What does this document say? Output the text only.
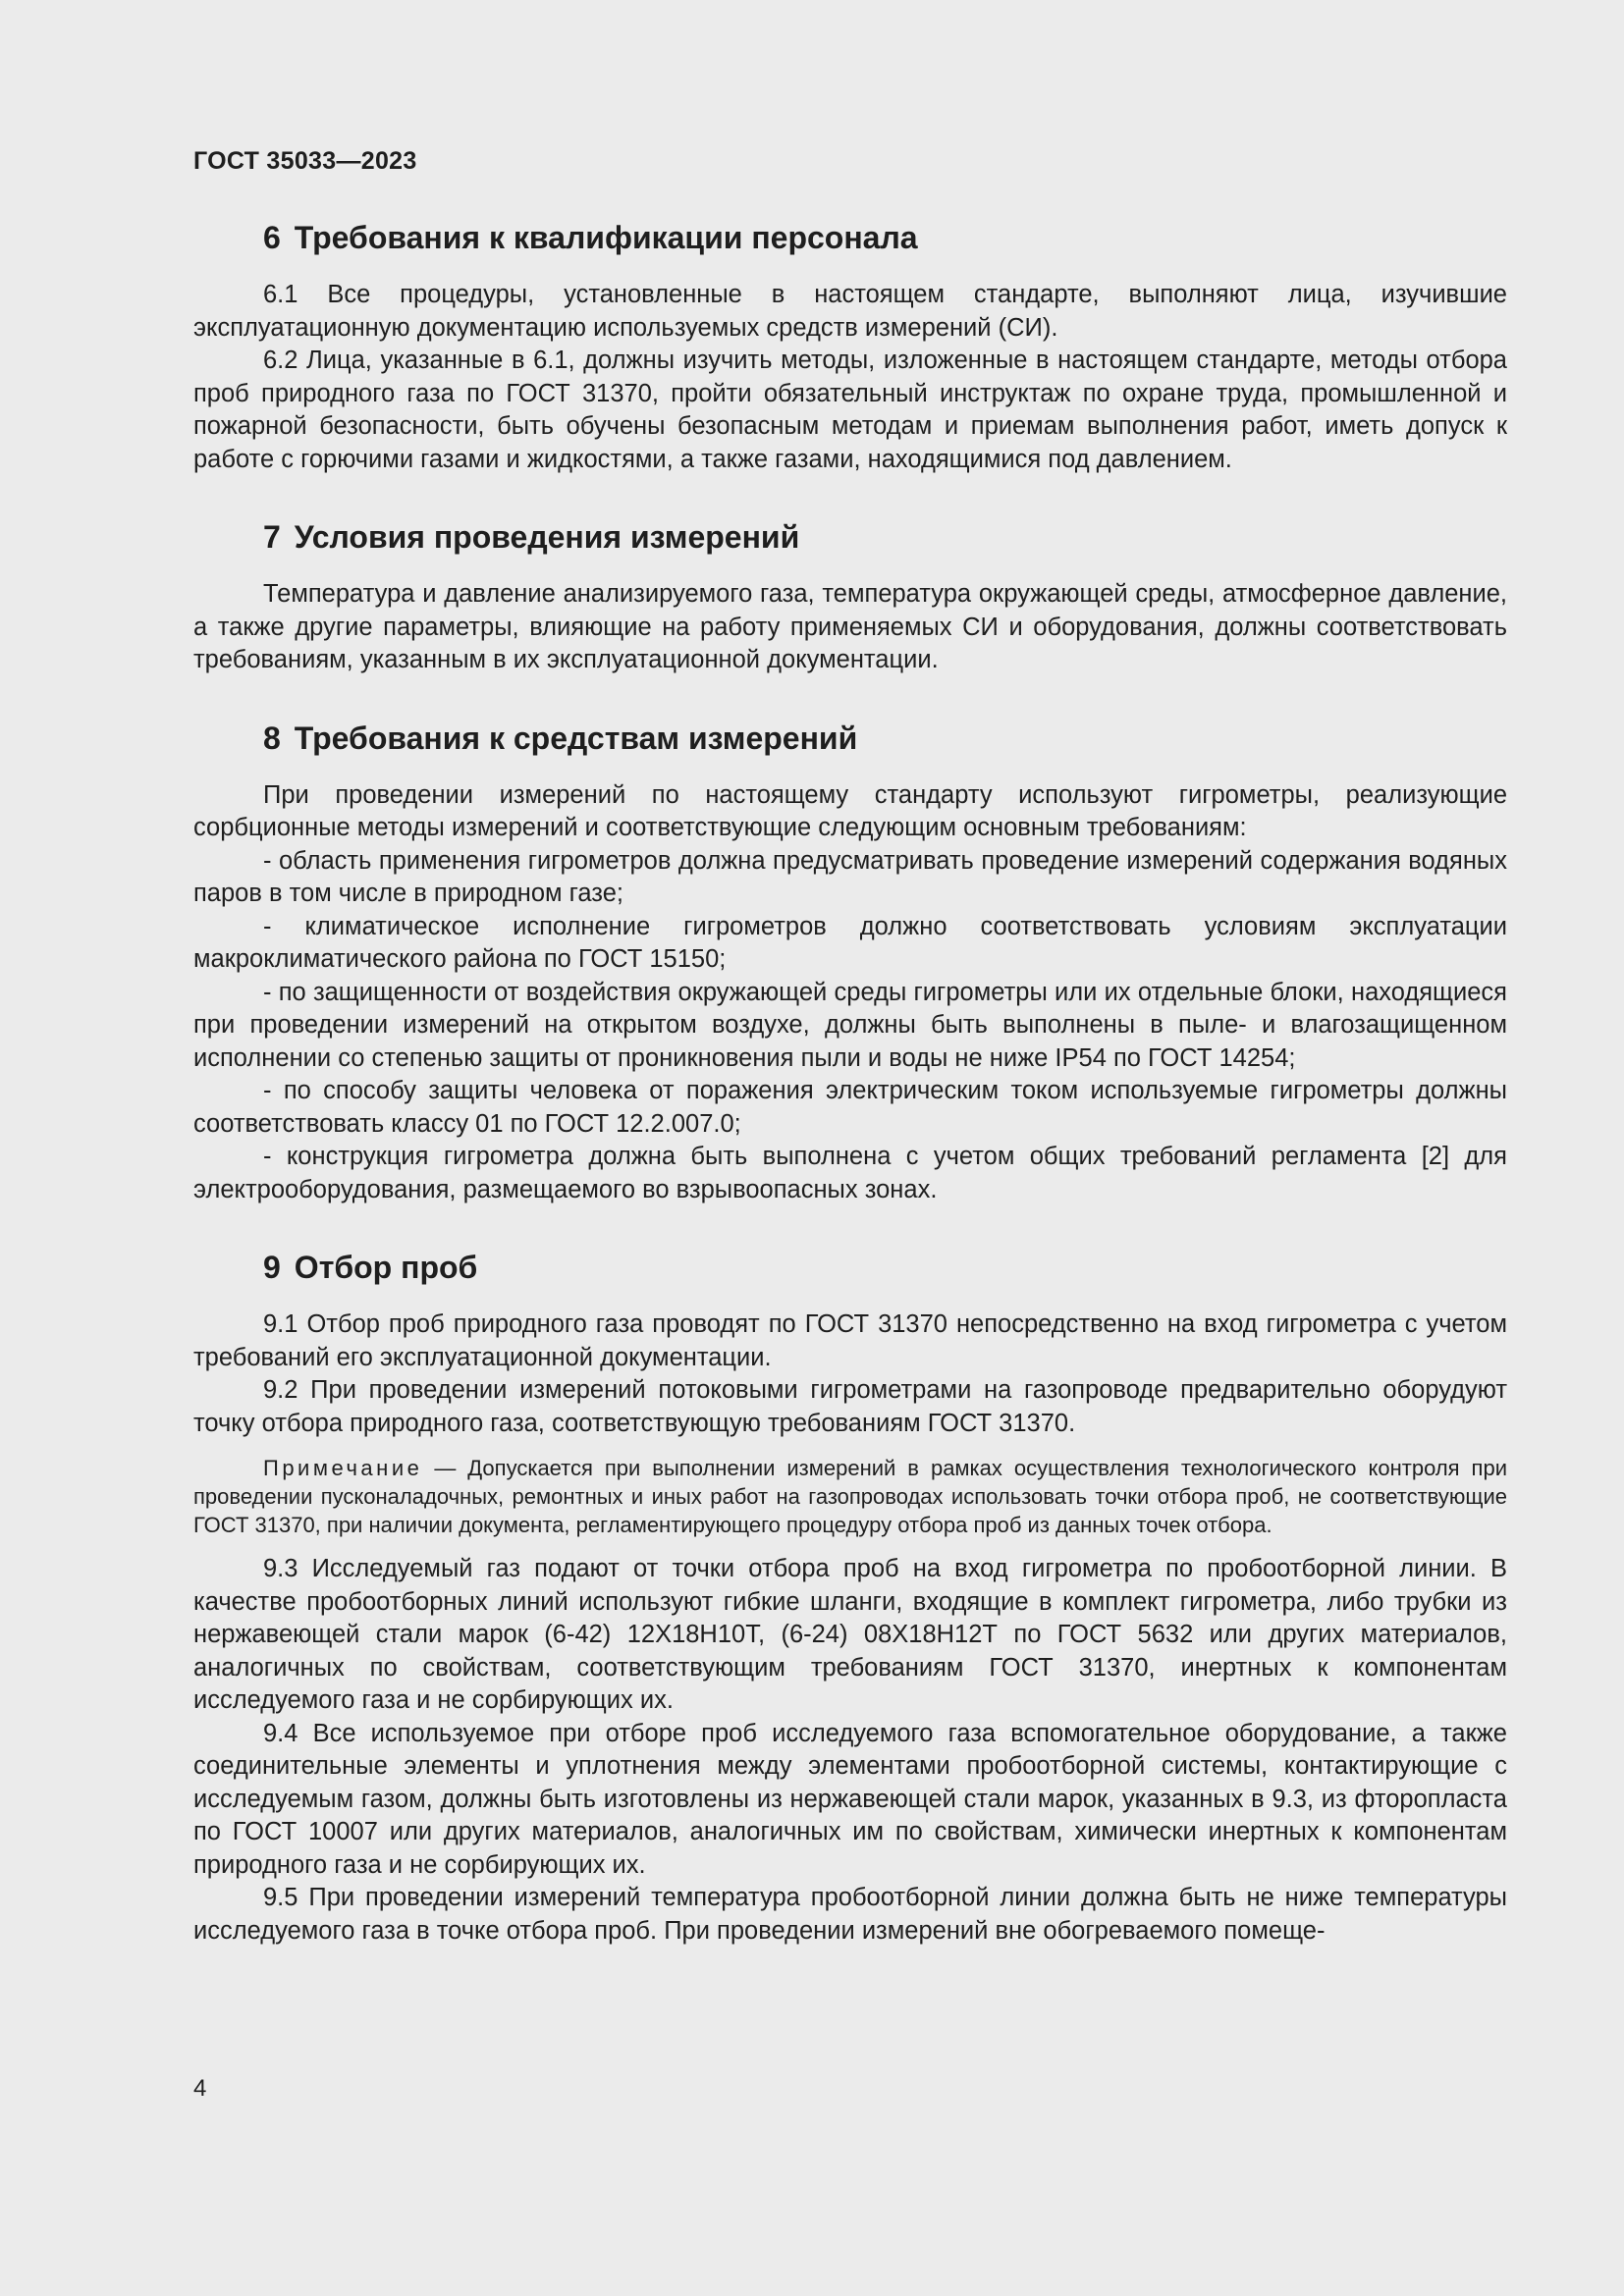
ГОСТ 35033—2023
6 Требования к квалификации персонала

6.1 Все процедуры, установленные в настоящем стандарте, выполняют лица, изучившие эксплуатационную документацию используемых средств измерений (СИ).

6.2 Лица, указанные в 6.1, должны изучить методы, изложенные в настоящем стандарте, методы отбора проб природного газа по ГОСТ 31370, пройти обязательный инструктаж по охране труда, промышленной и пожарной безопасности, быть обучены безопасным методам и приемам выполнения работ, иметь допуск к работе с горючими газами и жидкостями, а также газами, находящимися под давлением.

7 Условия проведения измерений

Температура и давление анализируемого газа, температура окружающей среды, атмосферное давление, а также другие параметры, влияющие на работу применяемых СИ и оборудования, должны соответствовать требованиям, указанным в их эксплуатационной документации.

8 Требования к средствам измерений

При проведении измерений по настоящему стандарту используют гигрометры, реализующие сорбционные методы измерений и соответствующие следующим основным требованиям:

- область применения гигрометров должна предусматривать проведение измерений содержания водяных паров в том числе в природном газе;

- климатическое исполнение гигрометров должно соответствовать условиям эксплуатации макроклиматического района по ГОСТ 15150;

- по защищенности от воздействия окружающей среды гигрометры или их отдельные блоки, находящиеся при проведении измерений на открытом воздухе, должны быть выполнены в пыле- и влагозащищенном исполнении со степенью защиты от проникновения пыли и воды не ниже IP54 по ГОСТ 14254;

- по способу защиты человека от поражения электрическим током используемые гигрометры должны соответствовать классу 01 по ГОСТ 12.2.007.0;

- конструкция гигрометра должна быть выполнена с учетом общих требований регламента [2] для электрооборудования, размещаемого во взрывоопасных зонах.

9 Отбор проб

9.1 Отбор проб природного газа проводят по ГОСТ 31370 непосредственно на вход гигрометра с учетом требований его эксплуатационной документации.

9.2 При проведении измерений потоковыми гигрометрами на газопроводе предварительно оборудуют точку отбора природного газа, соответствующую требованиям ГОСТ 31370.

Примечание — Допускается при выполнении измерений в рамках осуществления технологического контроля при проведении пусконаладочных, ремонтных и иных работ на газопроводах использовать точки отбора проб, не соответствующие ГОСТ 31370, при наличии документа, регламентирующего процедуру отбора проб из данных точек отбора.

9.3 Исследуемый газ подают от точки отбора проб на вход гигрометра по пробоотборной линии. В качестве пробоотборных линий используют гибкие шланги, входящие в комплект гигрометра, либо трубки из нержавеющей стали марок (6-42) 12Х18Н10Т, (6-24) 08Х18Н12Т по ГОСТ 5632 или других материалов, аналогичных по свойствам, соответствующим требованиям ГОСТ 31370, инертных к компонентам исследуемого газа и не сорбирующих их.

9.4 Все используемое при отборе проб исследуемого газа вспомогательное оборудование, а также соединительные элементы и уплотнения между элементами пробоотборной системы, контактирующие с исследуемым газом, должны быть изготовлены из нержавеющей стали марок, указанных в 9.3, из фторопласта по ГОСТ 10007 или других материалов, аналогичных им по свойствам, химически инертных к компонентам природного газа и не сорбирующих их.

9.5 При проведении измерений температура пробоотборной линии должна быть не ниже температуры исследуемого газа в точке отбора проб. При проведении измерений вне обогреваемого помеще-

4
